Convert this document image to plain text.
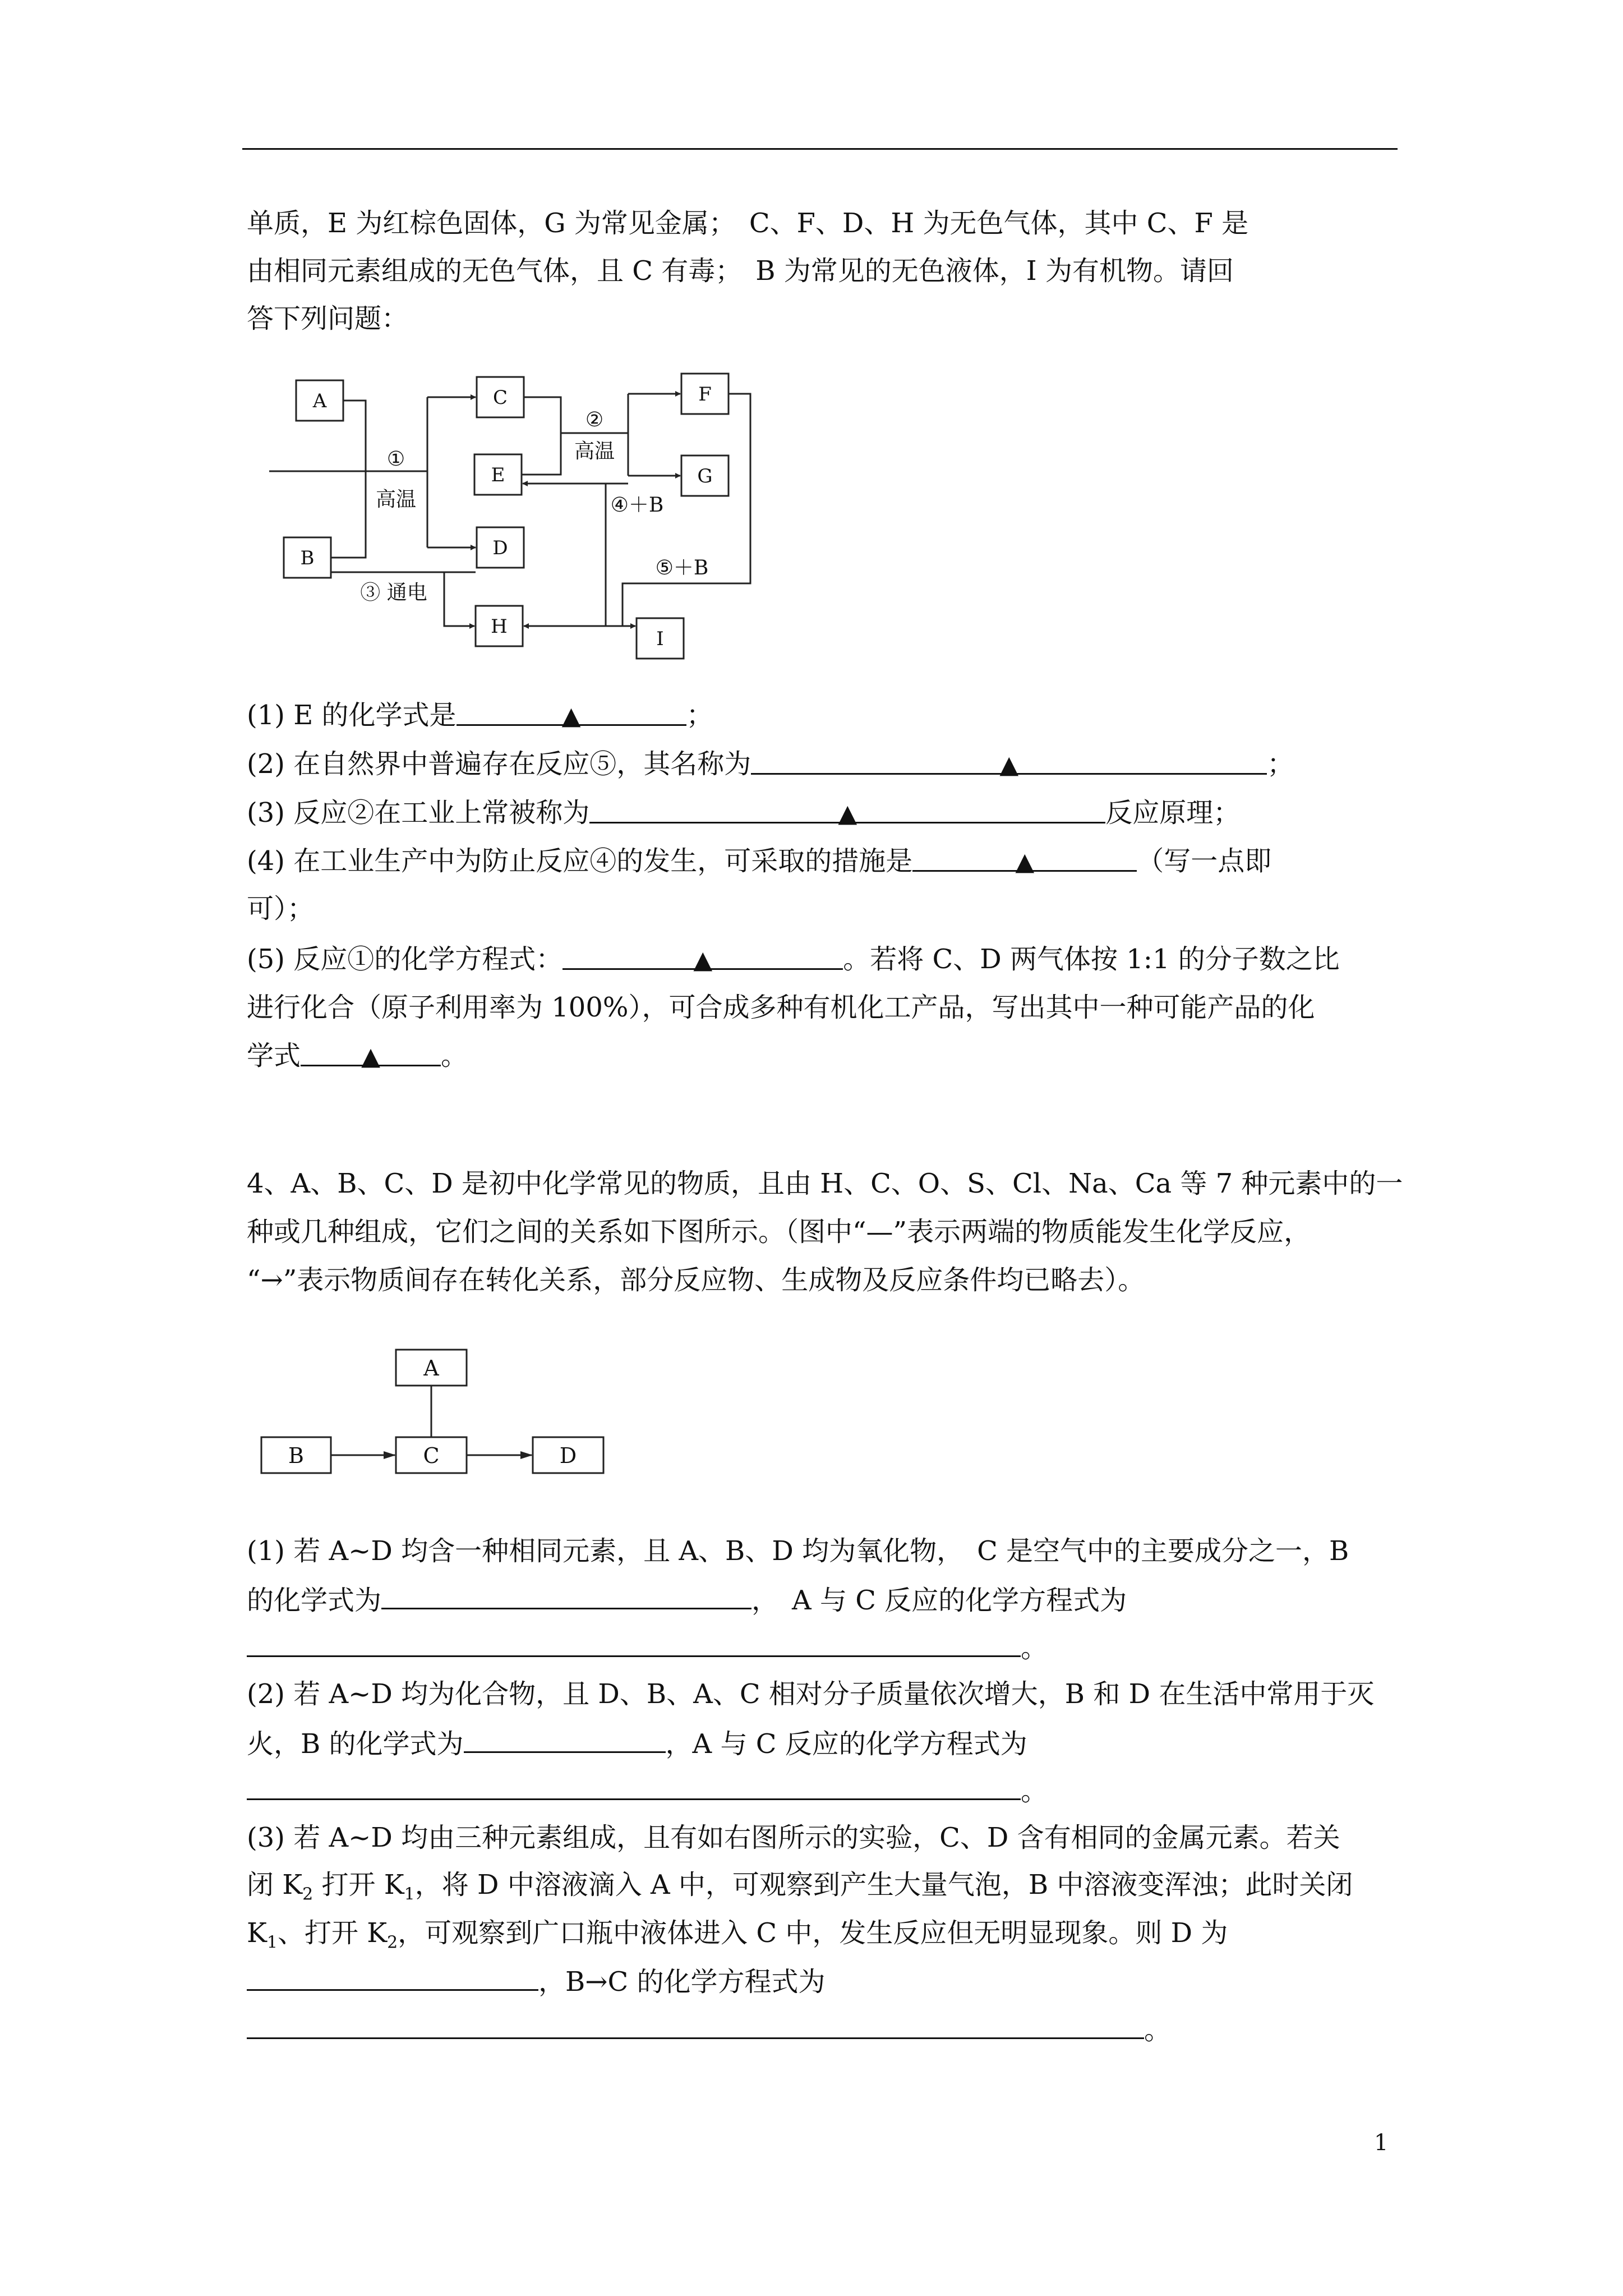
单质，E 为红棕色固体，G 为常见金属；　C、F、D、H 为无色气体，其中 C、F 是
由相同元素组成的无色气体，且 C 有毒；　B 为常见的无色液体，I 为有机物。请回
答下列问题：
A
B
C
E
D
H
F
G
I
①
高温
②
高温
③ 通电
④＋B
⑤＋B
(1) E 的化学式是	▲	；
(2) 在自然界中普遍存在反应⑤，其名称为	▲	；
(3) 反应②在工业上常被称为	▲	反应原理；
(4) 在工业生产中为防止反应④的发生，可采取的措施是	▲	（写一点即
可）；
(5) 反应①的化学方程式：	▲	。若将 C、D 两气体按 1:1 的分子数之比
进行化合（原子利用率为 100%），可合成多种有机化工产品，写出其中一种可能产品的化
学式 ▲ 。
4、A、B、C、D 是初中化学常见的物质，且由 H、C、O、S、Cl、Na、Ca 等 7 种元素中的一
种或几种组成，它们之间的关系如下图所示。（图中“—”表示两端的物质能发生化学反应，
“→”表示物质间存在转化关系，部分反应物、生成物及反应条件均已略去）。
A
B	C	D
(1) 若 A~D 均含一种相同元素，且 A、B、D 均为氧化物，　C 是空气中的主要成分之一，B
的化学式为	，　A 与 C 反应的化学方程式为
。
(2) 若 A~D 均为化合物，且 D、B、A、C 相对分子质量依次增大，B 和 D 在生活中常用于灭
火，B 的化学式为	，A 与 C 反应的化学方程式为
。
(3) 若 A~D 均由三种元素组成，且有如右图所示的实验，C、D 含有相同的金属元素。若关
闭 $K_2$ 打开 $K_1$，将 D 中溶液滴入 A 中，可观察到产生大量气泡，B 中溶液变浑浊；此时关闭
$K_1$、打开 $K_2$，可观察到广口瓶中液体进入 C 中，发生反应但无明显现象。则 D 为
，B→C 的化学方程式为
。
1
